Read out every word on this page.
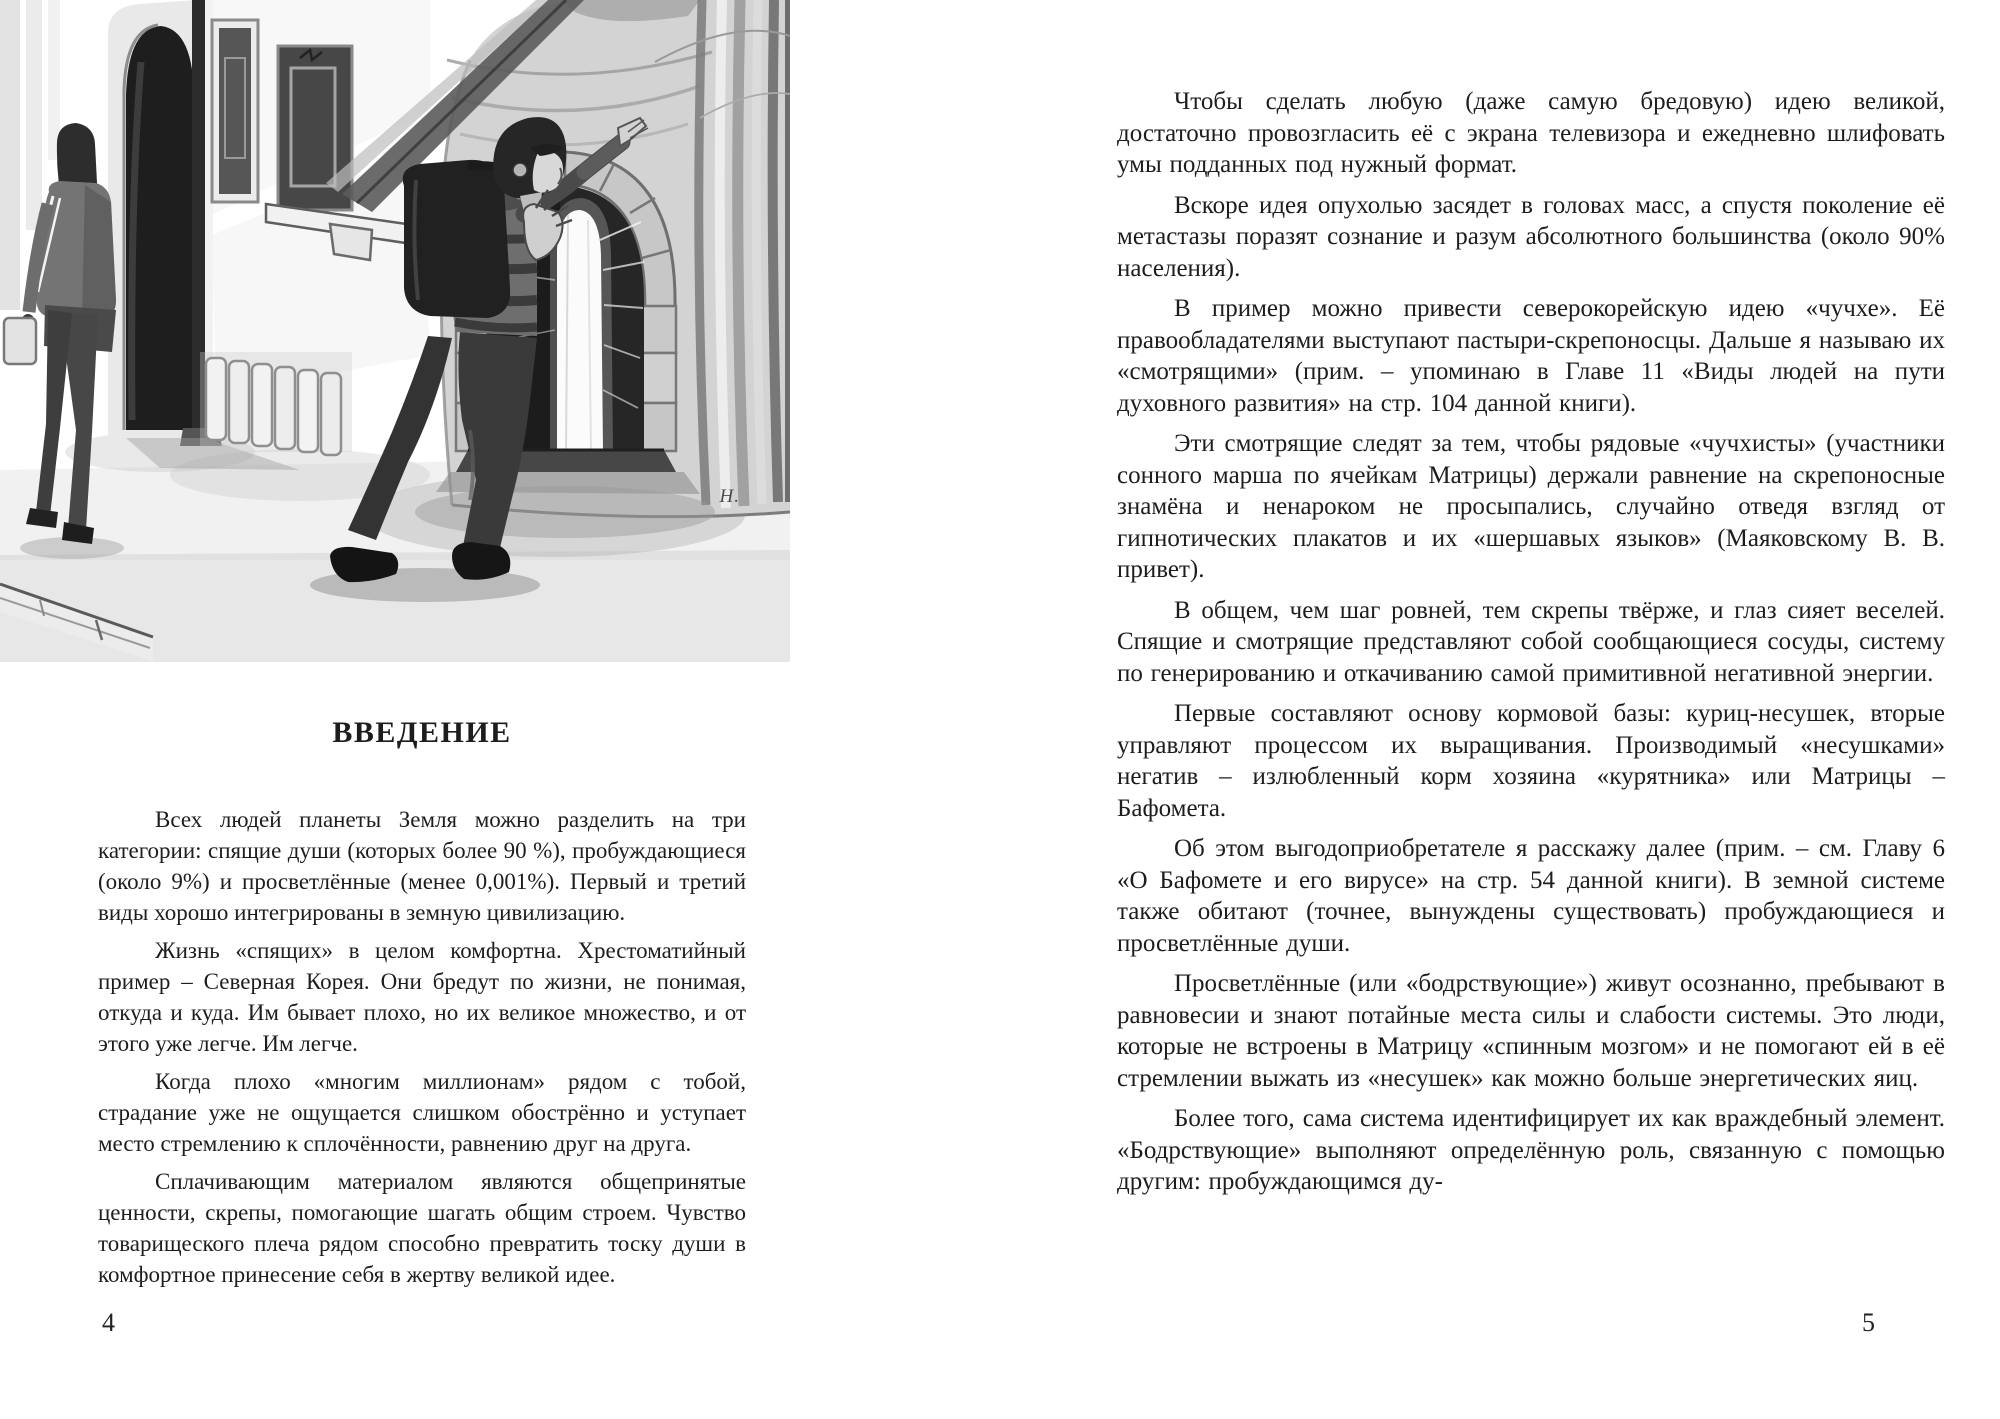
Н.
ВВЕДЕНИЕ

Всех людей планеты Земля можно разделить на три категории: спящие души (которых более 90 %), пробуждающиеся (около 9%) и просветлённые (менее 0,001%). Первый и третий виды хорошо интегрированы в земную цивилизацию.

Жизнь «спящих» в целом комфортна. Хрестоматийный пример – Северная Корея. Они бредут по жизни, не понимая, откуда и куда. Им бывает плохо, но их великое множество, и от этого уже легче. Им легче.

Когда плохо «многим миллионам» рядом с тобой, страдание уже не ощущается слишком обострённо и уступает место стремлению к сплочённости, равнению друг на друга.

Сплачивающим материалом являются общепринятые ценности, скрепы, помогающие шагать общим строем. Чувство товарищеского плеча рядом способно превратить тоску души в комфортное принесение себя в жертву великой идее.

4

Чтобы сделать любую (даже самую бредовую) идею великой, достаточно провозгласить её с экрана телевизора и ежедневно шлифовать умы подданных под нужный формат.

Вскоре идея опухолью засядет в головах масс, а спустя поколение её метастазы поразят сознание и разум абсолютного большинства (около 90% населения).

В пример можно привести северокорейскую идею «чучхе». Её правообладателями выступают пастыри-скрепоносцы. Дальше я называю их «смотрящими» (прим. – упоминаю в Главе 11 «Виды людей на пути духовного развития» на стр. 104 данной книги).

Эти смотрящие следят за тем, чтобы рядовые «чучхисты» (участники сонного марша по ячейкам Матрицы) держали равнение на скрепоносные знамёна и ненароком не просыпались, случайно отведя взгляд от гипнотических плакатов и их «шершавых языков» (Маяковскому В. В. привет).

В общем, чем шаг ровней, тем скрепы твёрже, и глаз сияет веселей. Спящие и смотрящие представляют собой сообщающиеся сосуды, систему по генерированию и откачиванию самой примитивной негативной энергии.

Первые составляют основу кормовой базы: куриц-несушек, вторые управляют процессом их выращивания. Производимый «несушками» негатив – излюбленный корм хозяина «курятника» или Матрицы – Бафомета.

Об этом выгодоприобретателе я расскажу далее (прим. – см. Главу 6 «О Бафомете и его вирусе» на стр. 54 данной книги). В земной системе также обитают (точнее, вынуждены существовать) пробуждающиеся и просветлённые души.

Просветлённые (или «бодрствующие») живут осознанно, пребывают в равновесии и знают потайные места силы и слабости системы. Это люди, которые не встроены в Матрицу «спинным мозгом» и не помогают ей в её стремлении выжать из «несушек» как можно больше энергетических яиц.

Более того, сама система идентифицирует их как враждебный элемент. «Бодрствующие» выполняют определённую роль, связанную с помощью другим: пробуждающимся ду-

5
